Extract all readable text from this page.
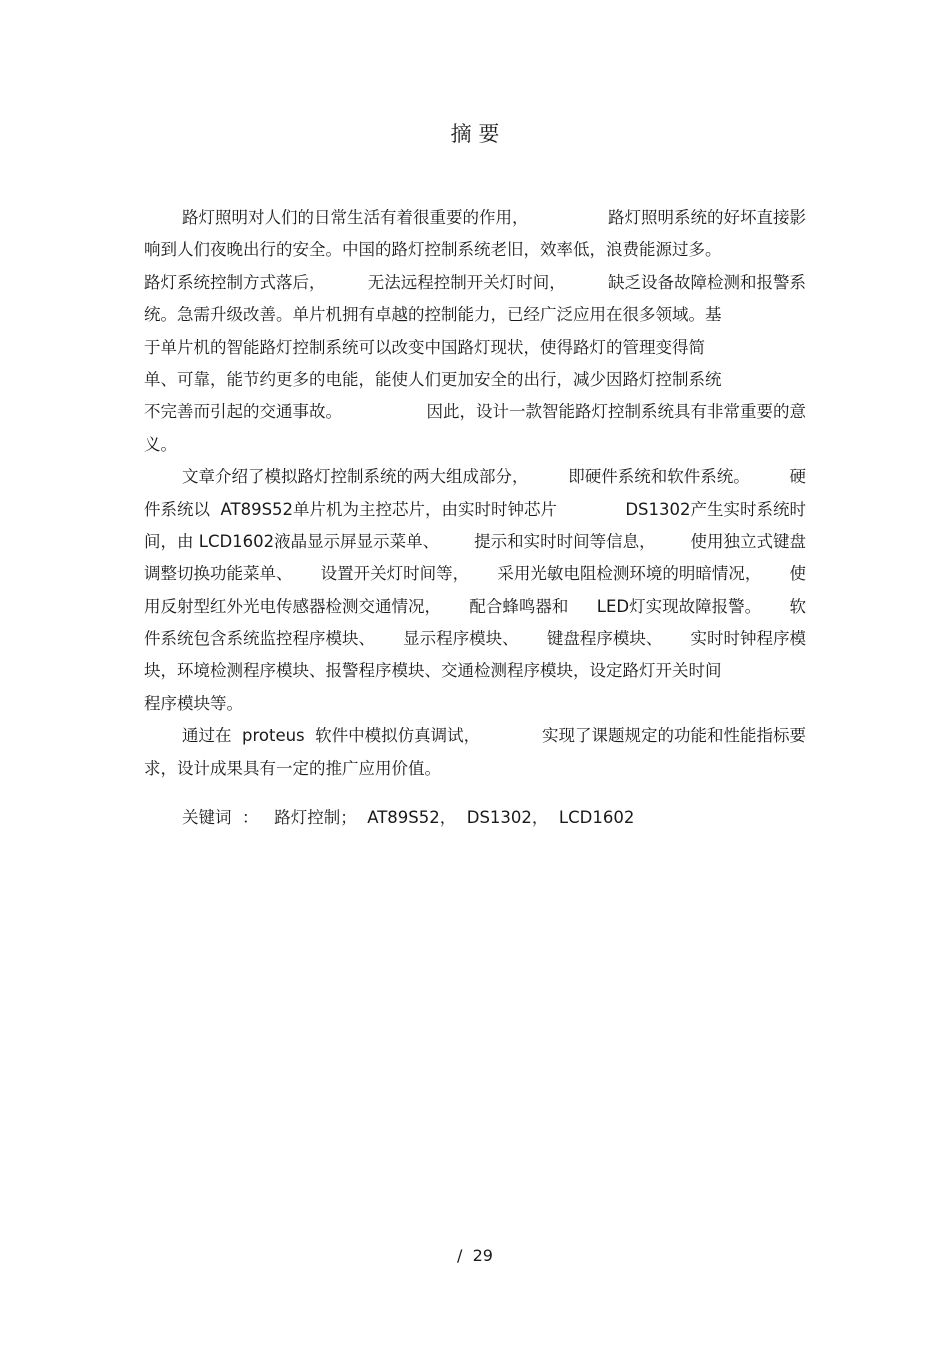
摘 要
路灯照明对人们的日常生活有着很重要的作用，	路灯照明系统的好坏直接影
响到人们夜晚出行的安全。中国的路灯控制系统老旧，效率低，浪费能源过多。
路灯系统控制方式落后，	无法远程控制开关灯时间，	缺乏设备故障检测和报警系
统。急需升级改善。单片机拥有卓越的控制能力，已经广泛应用在很多领域。基
于单片机的智能路灯控制系统可以改变中国路灯现状，使得路灯的管理变得简
单、可靠，能节约更多的电能，能使人们更加安全的出行，减少因路灯控制系统
不完善而引起的交通事故。	因此，设计一款智能路灯控制系统具有非常重要的意
义。
文章介绍了模拟路灯控制系统的两大组成部分， 即硬件系统和软件系统。 硬
件系统以  AT89S52单片机为主控芯片，由实时时钟芯片	DS1302产生实时系统时
间，由 LCD1602液晶显示屏显示菜单、 提示和实时时间等信息， 使用独立式键盘
调整切换功能菜单、 设置开关灯时间等， 采用光敏电阻检测环境的明暗情况， 使
用反射型红外光电传感器检测交通情况， 配合蜂鸣器和 LED灯实现故障报警。 软
件系统包含系统监控程序模块、 显示程序模块、 键盘程序模块、 实时时钟程序模
块，环境检测程序模块、报警程序模块、交通检测程序模块，设定路灯开关时间
程序模块等。
通过在  proteus  软件中模拟仿真调试，	实现了课题规定的功能和性能指标要
求，设计成果具有一定的推广应用价值。
关键词  ：   路灯控制；  AT89S52，  DS1302，  LCD1602
/  29
